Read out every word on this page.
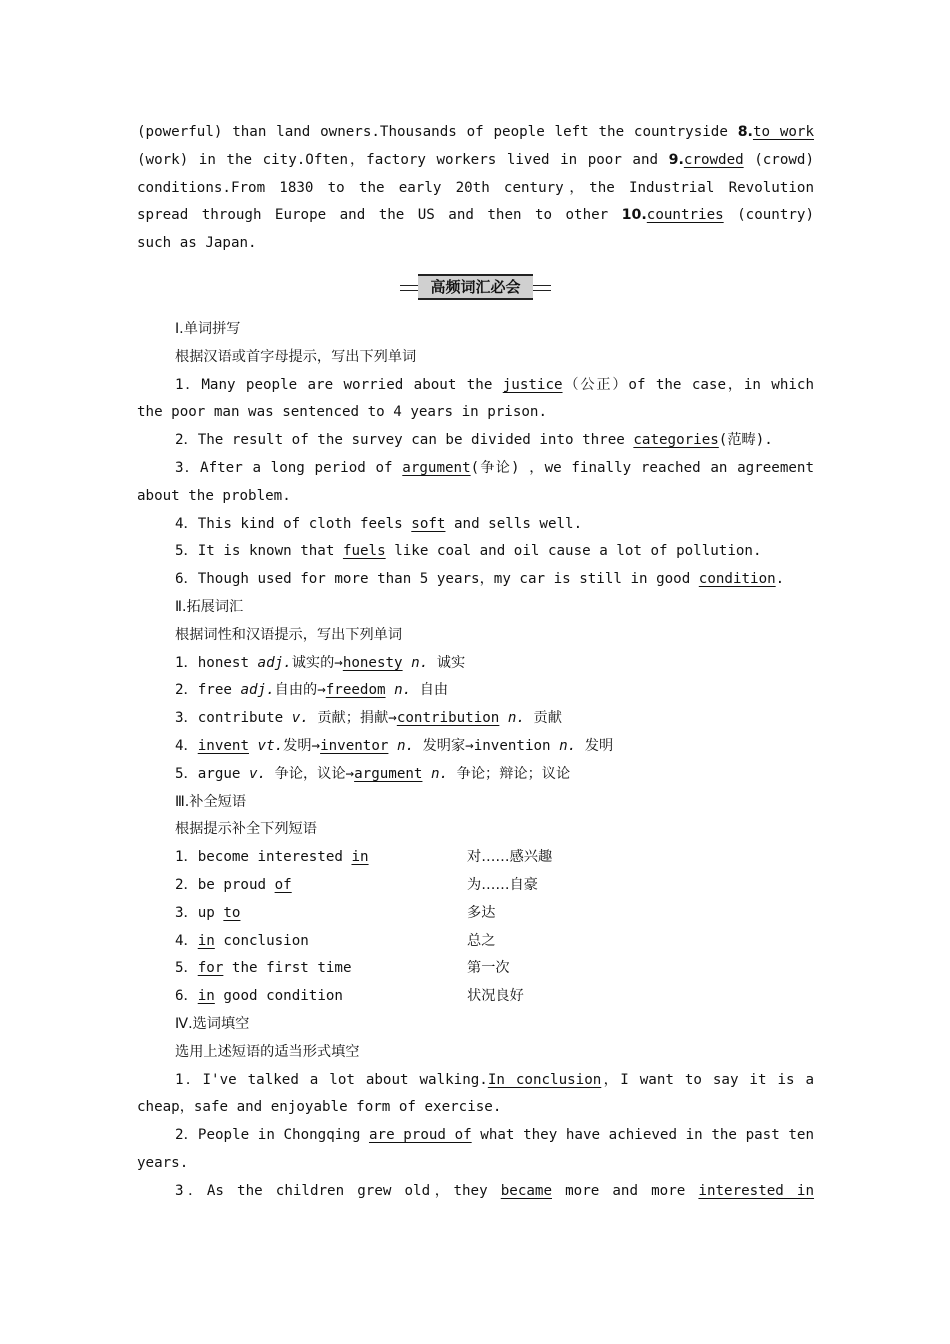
(powerful) than land owners.Thousands of people left the countryside 8.to work

(work) in the city.Often，factory workers lived in poor and 9.crowded (crowd)

conditions.From 1830 to the early 20th century，the Industrial Revolution

spread through Europe and the US and then to other 10.countries (country)

such as Japan.

高频词汇必会

Ⅰ.单词拼写

根据汉语或首字母提示，写出下列单词

1．Many people are worried about the justice（公正）of the case，in which

the poor man was sentenced to 4 years in prison.

2．The result of the survey can be divided into three categories(范畴).

3．After a long period of argument(争论) ，we finally reached an agreement

about the problem.

4．This kind of cloth feels soft and sells well.

5．It is known that fuels like coal and oil cause a lot of pollution.

6．Though used for more than 5 years，my car is still in good condition.

Ⅱ.拓展词汇

根据词性和汉语提示，写出下列单词

1．honest adj.诚实的→honesty n. 诚实

2．free adj.自由的→freedom n. 自由

3．contribute v. 贡献；捐献→contribution n. 贡献

4．invent vt.发明→inventor n. 发明家→invention n. 发明

5．argue v. 争论，议论→argument n. 争论；辩论；议论

Ⅲ.补全短语

根据提示补全下列短语

1．become interested in	对……感兴趣
2．be proud of	为……自豪
3．up to	多达
4．in conclusion	总之
5．for the first time	第一次
6．in good condition	状况良好

Ⅳ.选词填空

选用上述短语的适当形式填空

1．I've talked a lot about walking.In conclusion，I want to say it is a

cheap，safe and enjoyable form of exercise.

2．People in Chongqing are proud of what they have achieved in the past ten

years.

3．As the children grew old，they became more and more interested in
